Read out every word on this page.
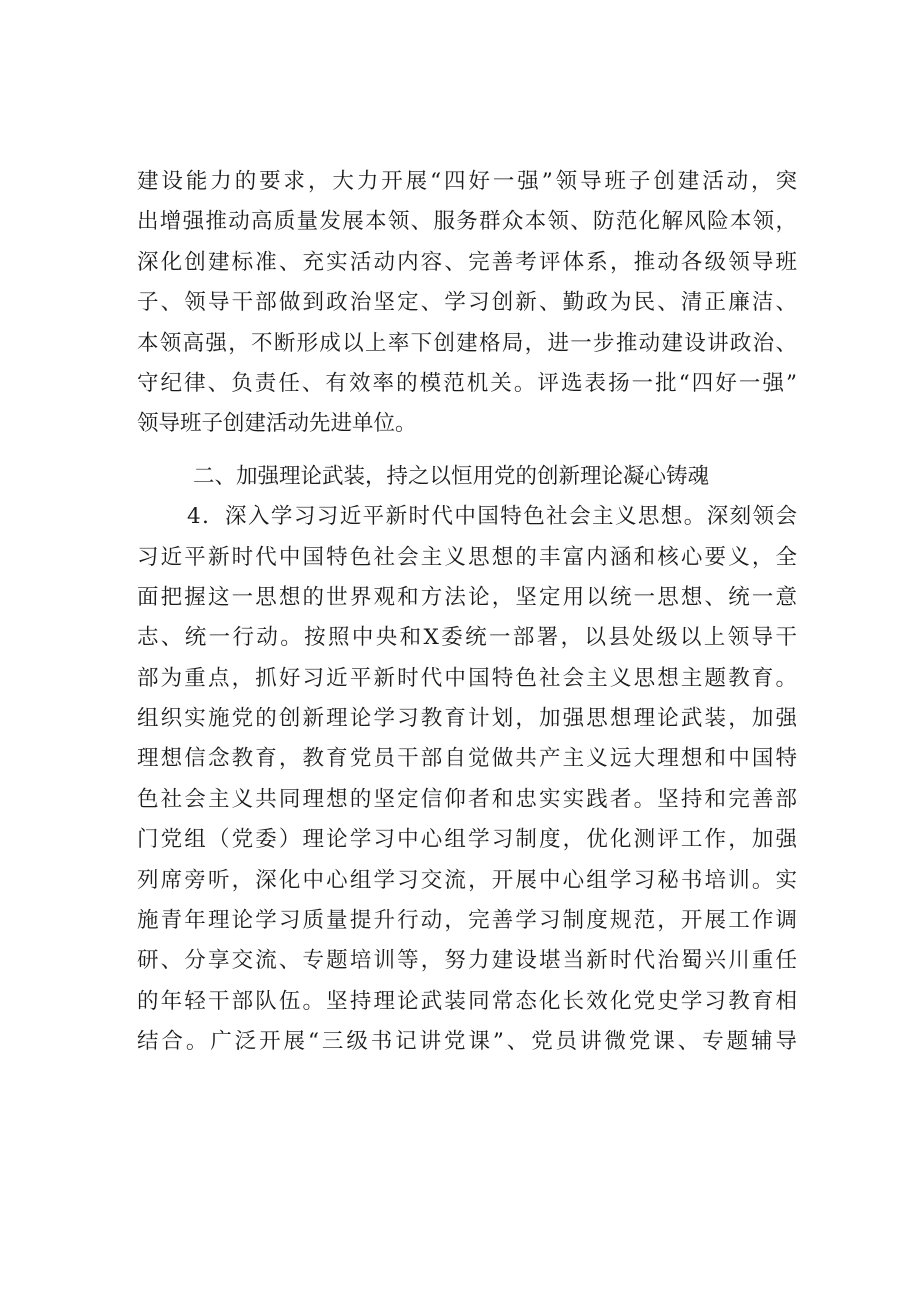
建设能力的要求，大力开展“四好一强”领导班子创建活动，突
出增强推动高质量发展本领、服务群众本领、防范化解风险本领，
深化创建标准、充实活动内容、完善考评体系，推动各级领导班
子、领导干部做到政治坚定、学习创新、勤政为民、清正廉洁、
本领高强，不断形成以上率下创建格局，进一步推动建设讲政治、
守纪律、负责任、有效率的模范机关。评选表扬一批“四好一强”
领导班子创建活动先进单位。
二、加强理论武装，持之以恒用党的创新理论凝心铸魂
4．深入学习习近平新时代中国特色社会主义思想。深刻领会
习近平新时代中国特色社会主义思想的丰富内涵和核心要义，全
面把握这一思想的世界观和方法论，坚定用以统一思想、统一意
志、统一行动。按照中央和X委统一部署，以县处级以上领导干
部为重点，抓好习近平新时代中国特色社会主义思想主题教育。
组织实施党的创新理论学习教育计划，加强思想理论武装，加强
理想信念教育，教育党员干部自觉做共产主义远大理想和中国特
色社会主义共同理想的坚定信仰者和忠实实践者。坚持和完善部
门党组（党委）理论学习中心组学习制度，优化测评工作，加强
列席旁听，深化中心组学习交流，开展中心组学习秘书培训。实
施青年理论学习质量提升行动，完善学习制度规范，开展工作调
研、分享交流、专题培训等，努力建设堪当新时代治蜀兴川重任
的年轻干部队伍。坚持理论武装同常态化长效化党史学习教育相
结合。广泛开展“三级书记讲党课”、党员讲微党课、专题辅导
